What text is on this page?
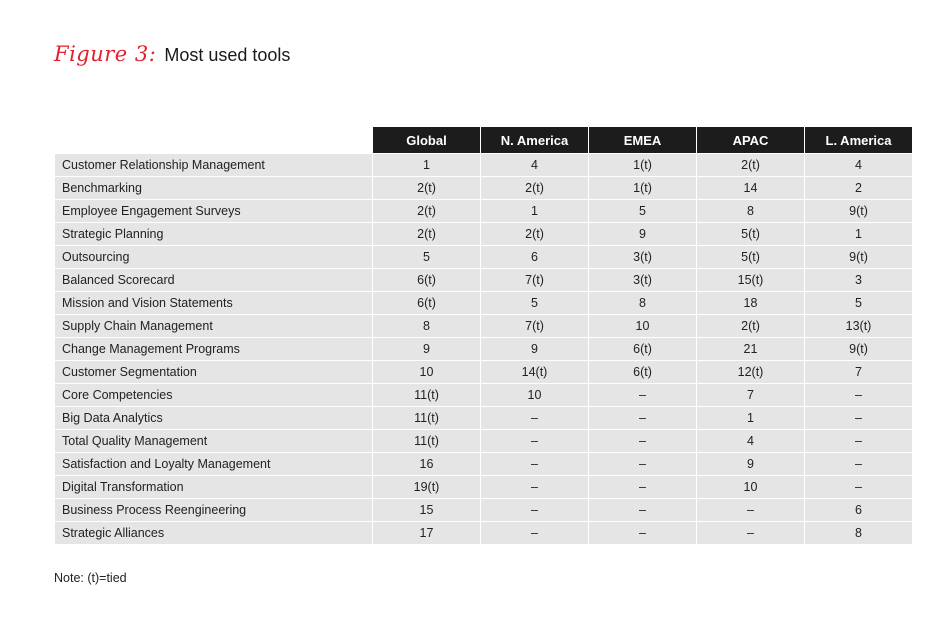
Figure 3: Most used tools
	Global	N. America	EMEA	APAC	L. America
Customer Relationship Management	1	4	1(t)	2(t)	4
Benchmarking	2(t)	2(t)	1(t)	14	2
Employee Engagement Surveys	2(t)	1	5	8	9(t)
Strategic Planning	2(t)	2(t)	9	5(t)	1
Outsourcing	5	6	3(t)	5(t)	9(t)
Balanced Scorecard	6(t)	7(t)	3(t)	15(t)	3
Mission and Vision Statements	6(t)	5	8	18	5
Supply Chain Management	8	7(t)	10	2(t)	13(t)
Change Management Programs	9	9	6(t)	21	9(t)
Customer Segmentation	10	14(t)	6(t)	12(t)	7
Core Competencies	11(t)	10	–	7	–
Big Data Analytics	11(t)	–	–	1	–
Total Quality Management	11(t)	–	–	4	–
Satisfaction and Loyalty Management	16	–	–	9	–
Digital Transformation	19(t)	–	–	10	–
Business Process Reengineering	15	–	–	–	6
Strategic Alliances	17	–	–	–	8
Note: (t)=tied
